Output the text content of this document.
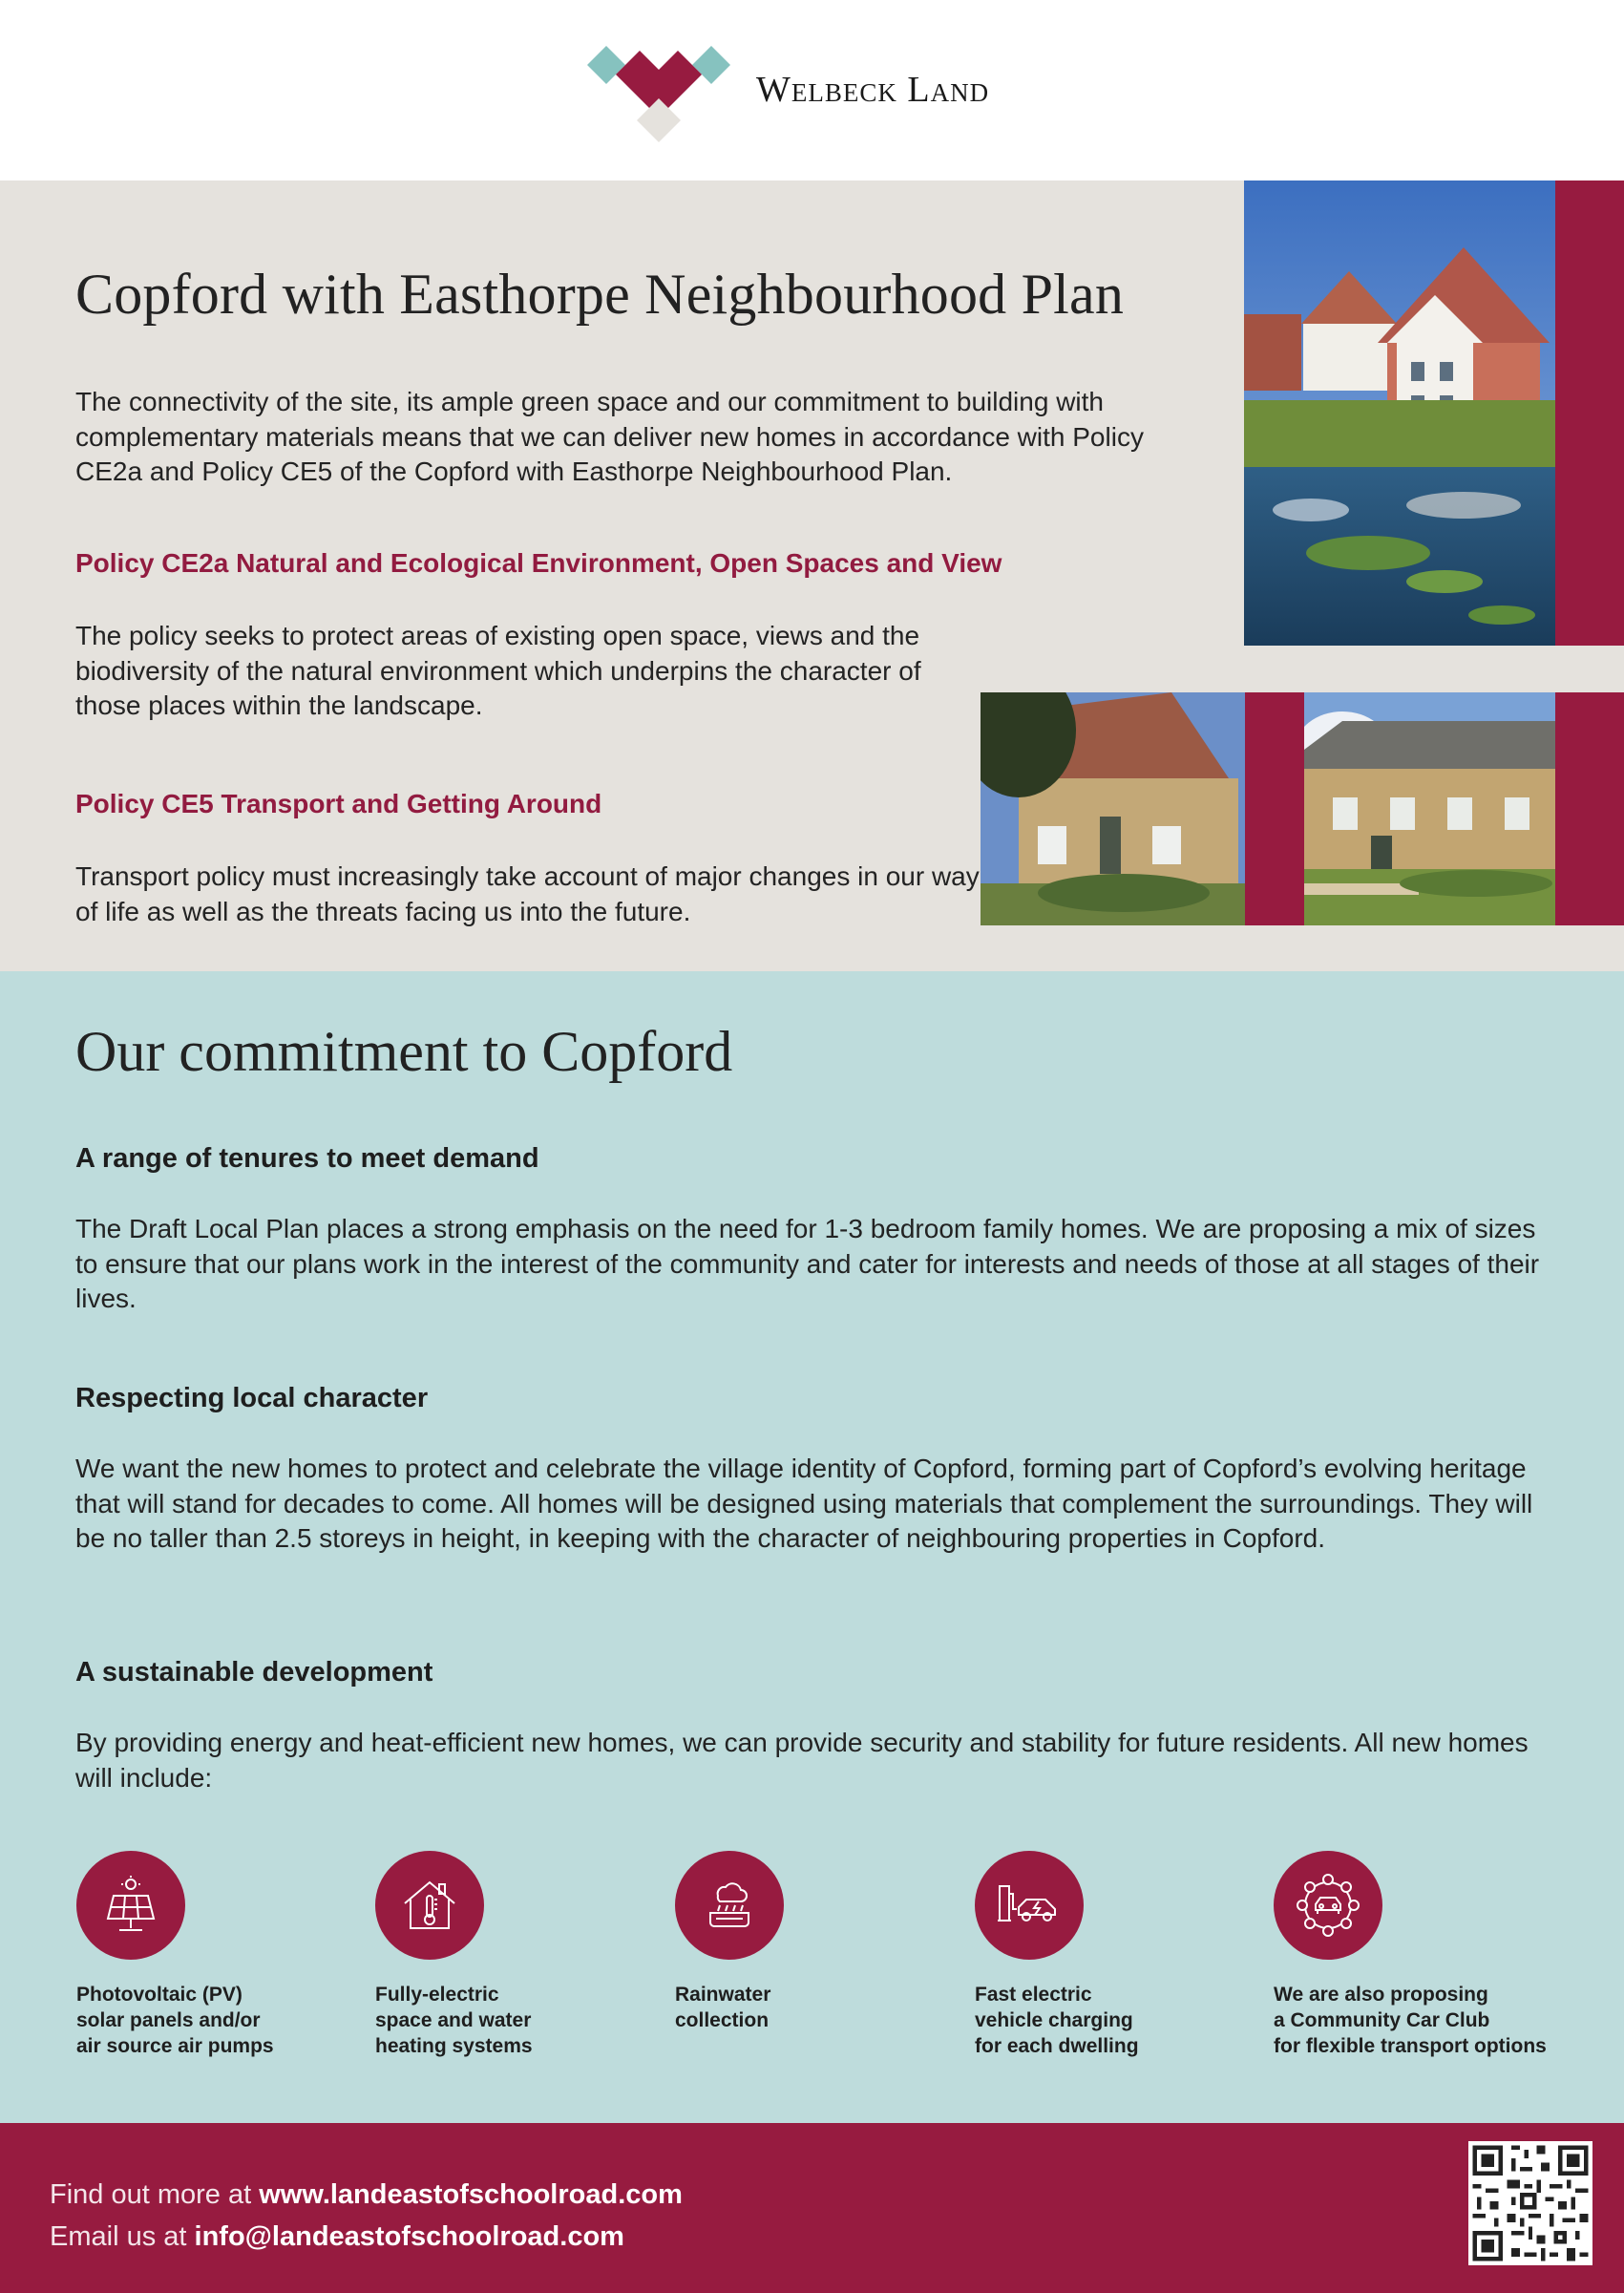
Welbeck Land
Copford with Easthorpe Neighbourhood Plan

The connectivity of the site, its ample green space and our commitment to building with complementary materials means that we can deliver new homes in accordance with Policy CE2a and Policy CE5 of the Copford with Easthorpe Neighbourhood Plan.

Policy CE2a Natural and Ecological Environment, Open Spaces and View

The policy seeks to protect areas of existing open space, views and the biodiversity of the natural environment which underpins the character of those places within the landscape.

Policy CE5 Transport and Getting Around

Transport policy must increasingly take account of major changes in our way of life as well as the threats facing us into the future.

Our commitment to Copford
A range of tenures to meet demand

The Draft Local Plan places a strong emphasis on the need for 1-3 bedroom family homes. We are proposing a mix of sizes to ensure that our plans work in the interest of the community and cater for interests and needs of those at all stages of their lives.

Respecting local character

We want the new homes to protect and celebrate the village identity of Copford, forming part of Copford’s evolving heritage that will stand for decades to come. All homes will be designed using materials that complement the surroundings. They will be no taller than 2.5 storeys in height, in keeping with the character of neighbouring properties in Copford.

A sustainable development

By providing energy and heat-efficient new homes, we can provide security and stability for future residents. All new homes will include:

Photovoltaic (PV)
solar panels and/or
air source air pumps
Fully-electric
space and water
heating systems
Rainwater
collection
Fast electric
vehicle charging
for each dwelling
We are also proposing
a Community Car Club
for flexible transport options
Find out more at www.landeastofschoolroad.com
Email us at info@landeastofschoolroad.com
